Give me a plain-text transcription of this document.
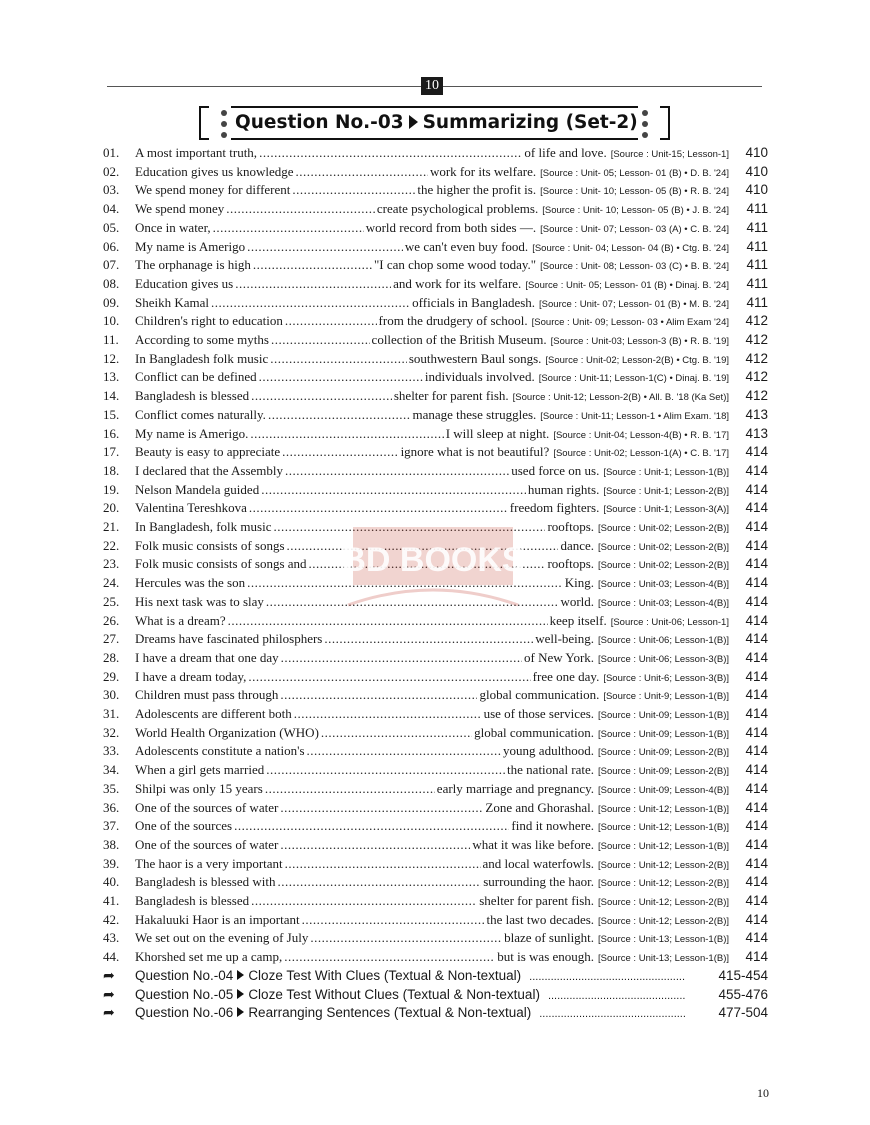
10
Question No.-03 Summarizing (Set-2)
01. A most important truth, .....	of life and love. [Source : Unit-15; Lesson-1] 410
02. Education gives us knowledge .....	work for its welfare. [Source : Unit- 05; Lesson- 01 (B) • D. B. '24] 410
03. We spend money for different .....	the higher the profit is. [Source : Unit- 10; Lesson- 05 (B) • R. B. '24] 410
04. We spend money .....	create psychological problems. [Source : Unit- 10; Lesson- 05 (B) • J. B. '24] 411
05. Once in water, .....	world record from both sides —. [Source : Unit- 07; Lesson- 03 (A) • C. B. '24] 411
06. My name is Amerigo .....	we can't even buy food. [Source : Unit- 04; Lesson- 04 (B) • Ctg. B. '24] 411
07. The orphanage is high .....	"I can chop some wood today." [Source : Unit- 08; Lesson- 03 (C) • B. B. '24] 411
08. Education gives us .....	and work for its welfare. [Source : Unit- 05; Lesson- 01 (B) • Dinaj. B. '24] 411
09. Sheikh Kamal .....	officials in Bangladesh. [Source : Unit- 07; Lesson- 01 (B) • M. B. '24] 411
10. Children's right to education .....	from the drudgery of school. [Source : Unit- 09; Lesson- 03 • Alim Exam '24] 412
11. According to some myths .....	collection of the British Museum. [Source : Unit-03; Lesson-3 (B) • R. B. '19] 412
12. In Bangladesh folk music .....	southwestern Baul songs. [Source : Unit-02; Lesson-2(B) • Ctg. B. '19] 412
13. Conflict can be defined .....	individuals involved. [Source : Unit-11; Lesson-1(C) • Dinaj. B. '19] 412
14. Bangladesh is blessed .....	shelter for parent fish. [Source : Unit-12; Lesson-2(B) • All. B. '18 (Ka Set)] 412
15. Conflict comes naturally. .....	manage these struggles. [Source : Unit-11; Lesson-1 • Alim Exam. '18] 413
16. My name is Amerigo. .....	I will sleep at night. [Source : Unit-04; Lesson-4(B) • R. B. '17] 413
17. Beauty is easy to appreciate .....	ignore what is not beautiful? [Source : Unit-02; Lesson-1(A) • C. B. '17] 414
18. I declared that the Assembly .....	used force on us. [Source : Unit-1; Lesson-1(B)] 414
19. Nelson Mandela guided .....	human rights. [Source : Unit-1; Lesson-2(B)] 414
20. Valentina Tereshkova .....	freedom fighters. [Source : Unit-1; Lesson-3(A)] 414
21. In Bangladesh, folk music .....	rooftops. [Source : Unit-02; Lesson-2(B)] 414
22. Folk music consists of songs .....	dance. [Source : Unit-02; Lesson-2(B)] 414
23. Folk music consists of songs and .....	rooftops. [Source : Unit-02; Lesson-2(B)] 414
24. Hercules was the son .....	King. [Source : Unit-03; Lesson-4(B)] 414
25. His next task was to slay .....	world. [Source : Unit-03; Lesson-4(B)] 414
26. What is a dream? .....	keep itself. [Source : Unit-06; Lesson-1] 414
27. Dreams have fascinated philosphers .....	well-being. [Source : Unit-06; Lesson-1(B)] 414
28. I have a dream that one day .....	of New York. [Source : Unit-06; Lesson-3(B)] 414
29. I have a dream today, .....	free one day. [Source : Unit-6; Lesson-3(B)] 414
30. Children must pass through .....	global communication. [Source : Unit-9; Lesson-1(B)] 414
31. Adolescents are different both .....	use of those services. [Source : Unit-09; Lesson-1(B)] 414
32. World Health Organization (WHO) .....	global communication. [Source : Unit-09; Lesson-1(B)] 414
33. Adolescents constitute a nation's .....	young adulthood. [Source : Unit-09; Lesson-2(B)] 414
34. When a girl gets married .....	the national rate. [Source : Unit-09; Lesson-2(B)] 414
35. Shilpi was only 15 years .....	early marriage and pregnancy. [Source : Unit-09; Lesson-4(B)] 414
36. One of the sources of water .....	Zone and Ghorashal. [Source : Unit-12; Lesson-1(B)] 414
37. One of the sources .....	find it nowhere. [Source : Unit-12; Lesson-1(B)] 414
38. One of the sources of water .....	what it was like before. [Source : Unit-12; Lesson-1(B)] 414
39. The haor is a very important .....	and local waterfowls. [Source : Unit-12; Lesson-2(B)] 414
40. Bangladesh is blessed with .....	surrounding the haor. [Source : Unit-12; Lesson-2(B)] 414
41. Bangladesh is blessed .....	shelter for parent fish. [Source : Unit-12; Lesson-2(B)] 414
42. Hakaluuki Haor is an important .....	the last two decades. [Source : Unit-12; Lesson-2(B)] 414
43. We set out on the evening of July .....	blaze of sunlight. [Source : Unit-13; Lesson-1(B)] 414
44. Khorshed set me up a camp, .....	but is was enough. [Source : Unit-13; Lesson-1(B)] 414
BD BOOKS
➦ Question No.-04 Cloze Test With Clues (Textual & Non-textual) .....	415-454
➦ Question No.-05 Cloze Test Without Clues (Textual & Non-textual) .....	455-476
➦ Question No.-06 Rearranging Sentences (Textual & Non-textual) .....	477-504
10
